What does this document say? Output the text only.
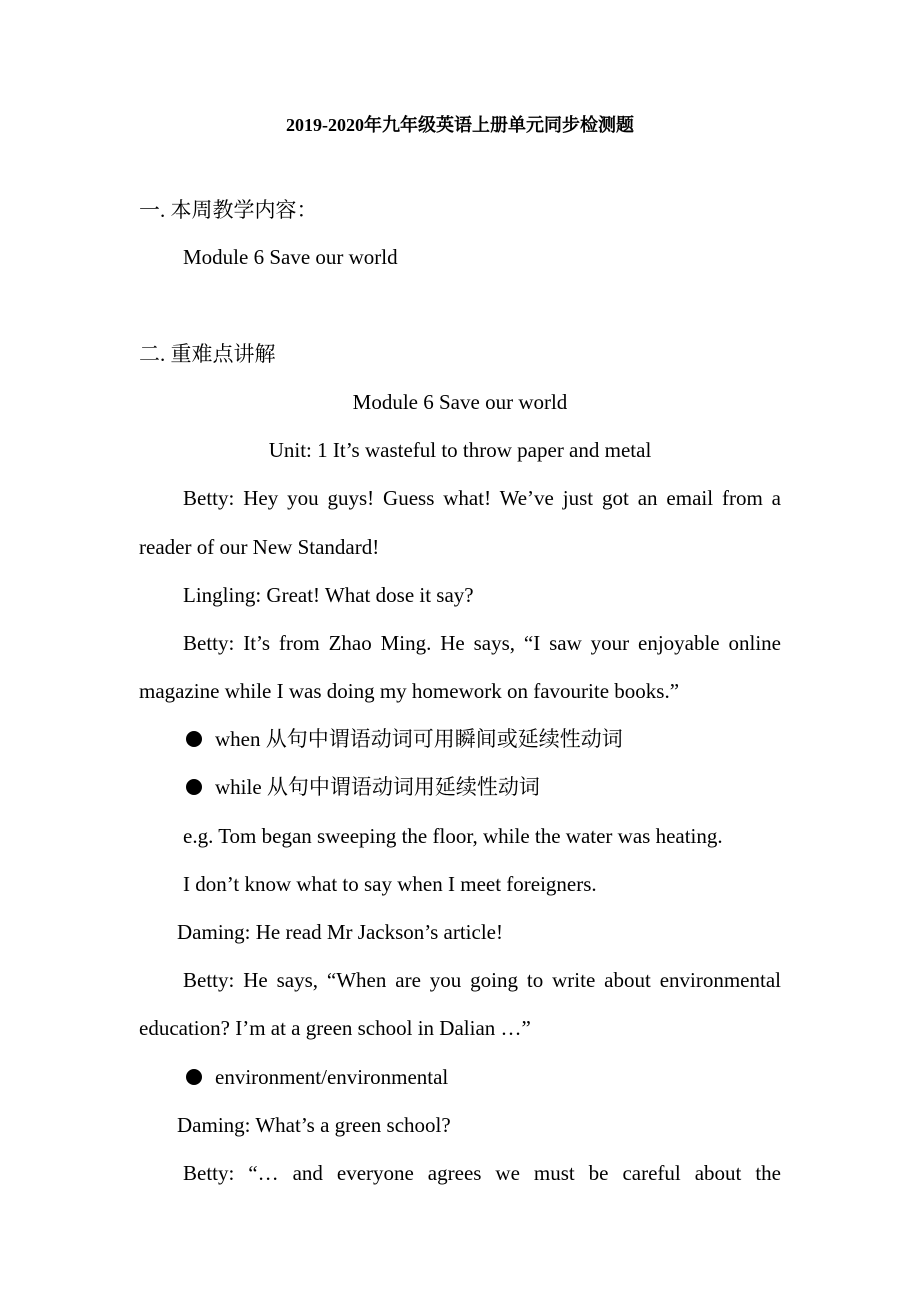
2019-2020年九年级英语上册单元同步检测题
一. 本周教学内容：
Module 6 Save our world
二. 重难点讲解
Module 6 Save our world
Unit: 1 It’s wasteful to throw paper and metal
Betty: Hey you guys! Guess what! We’ve just got an email from a
reader of our New Standard!
Lingling: Great! What dose it say?
Betty: It’s from Zhao Ming. He says, “I saw your enjoyable online
magazine while I was doing my homework on favourite books.”
when 从句中谓语动词可用瞬间或延续性动词
while 从句中谓语动词用延续性动词
e.g. Tom began sweeping the floor, while the water was heating.
I don’t know what to say when I meet foreigners.
Daming: He read Mr Jackson’s article!
Betty: He says, “When are you going to write about environmental
education? I’m at a green school in Dalian …”
environment/environmental
Daming: What’s a green school?
Betty: “… and everyone agrees we must be careful about the
